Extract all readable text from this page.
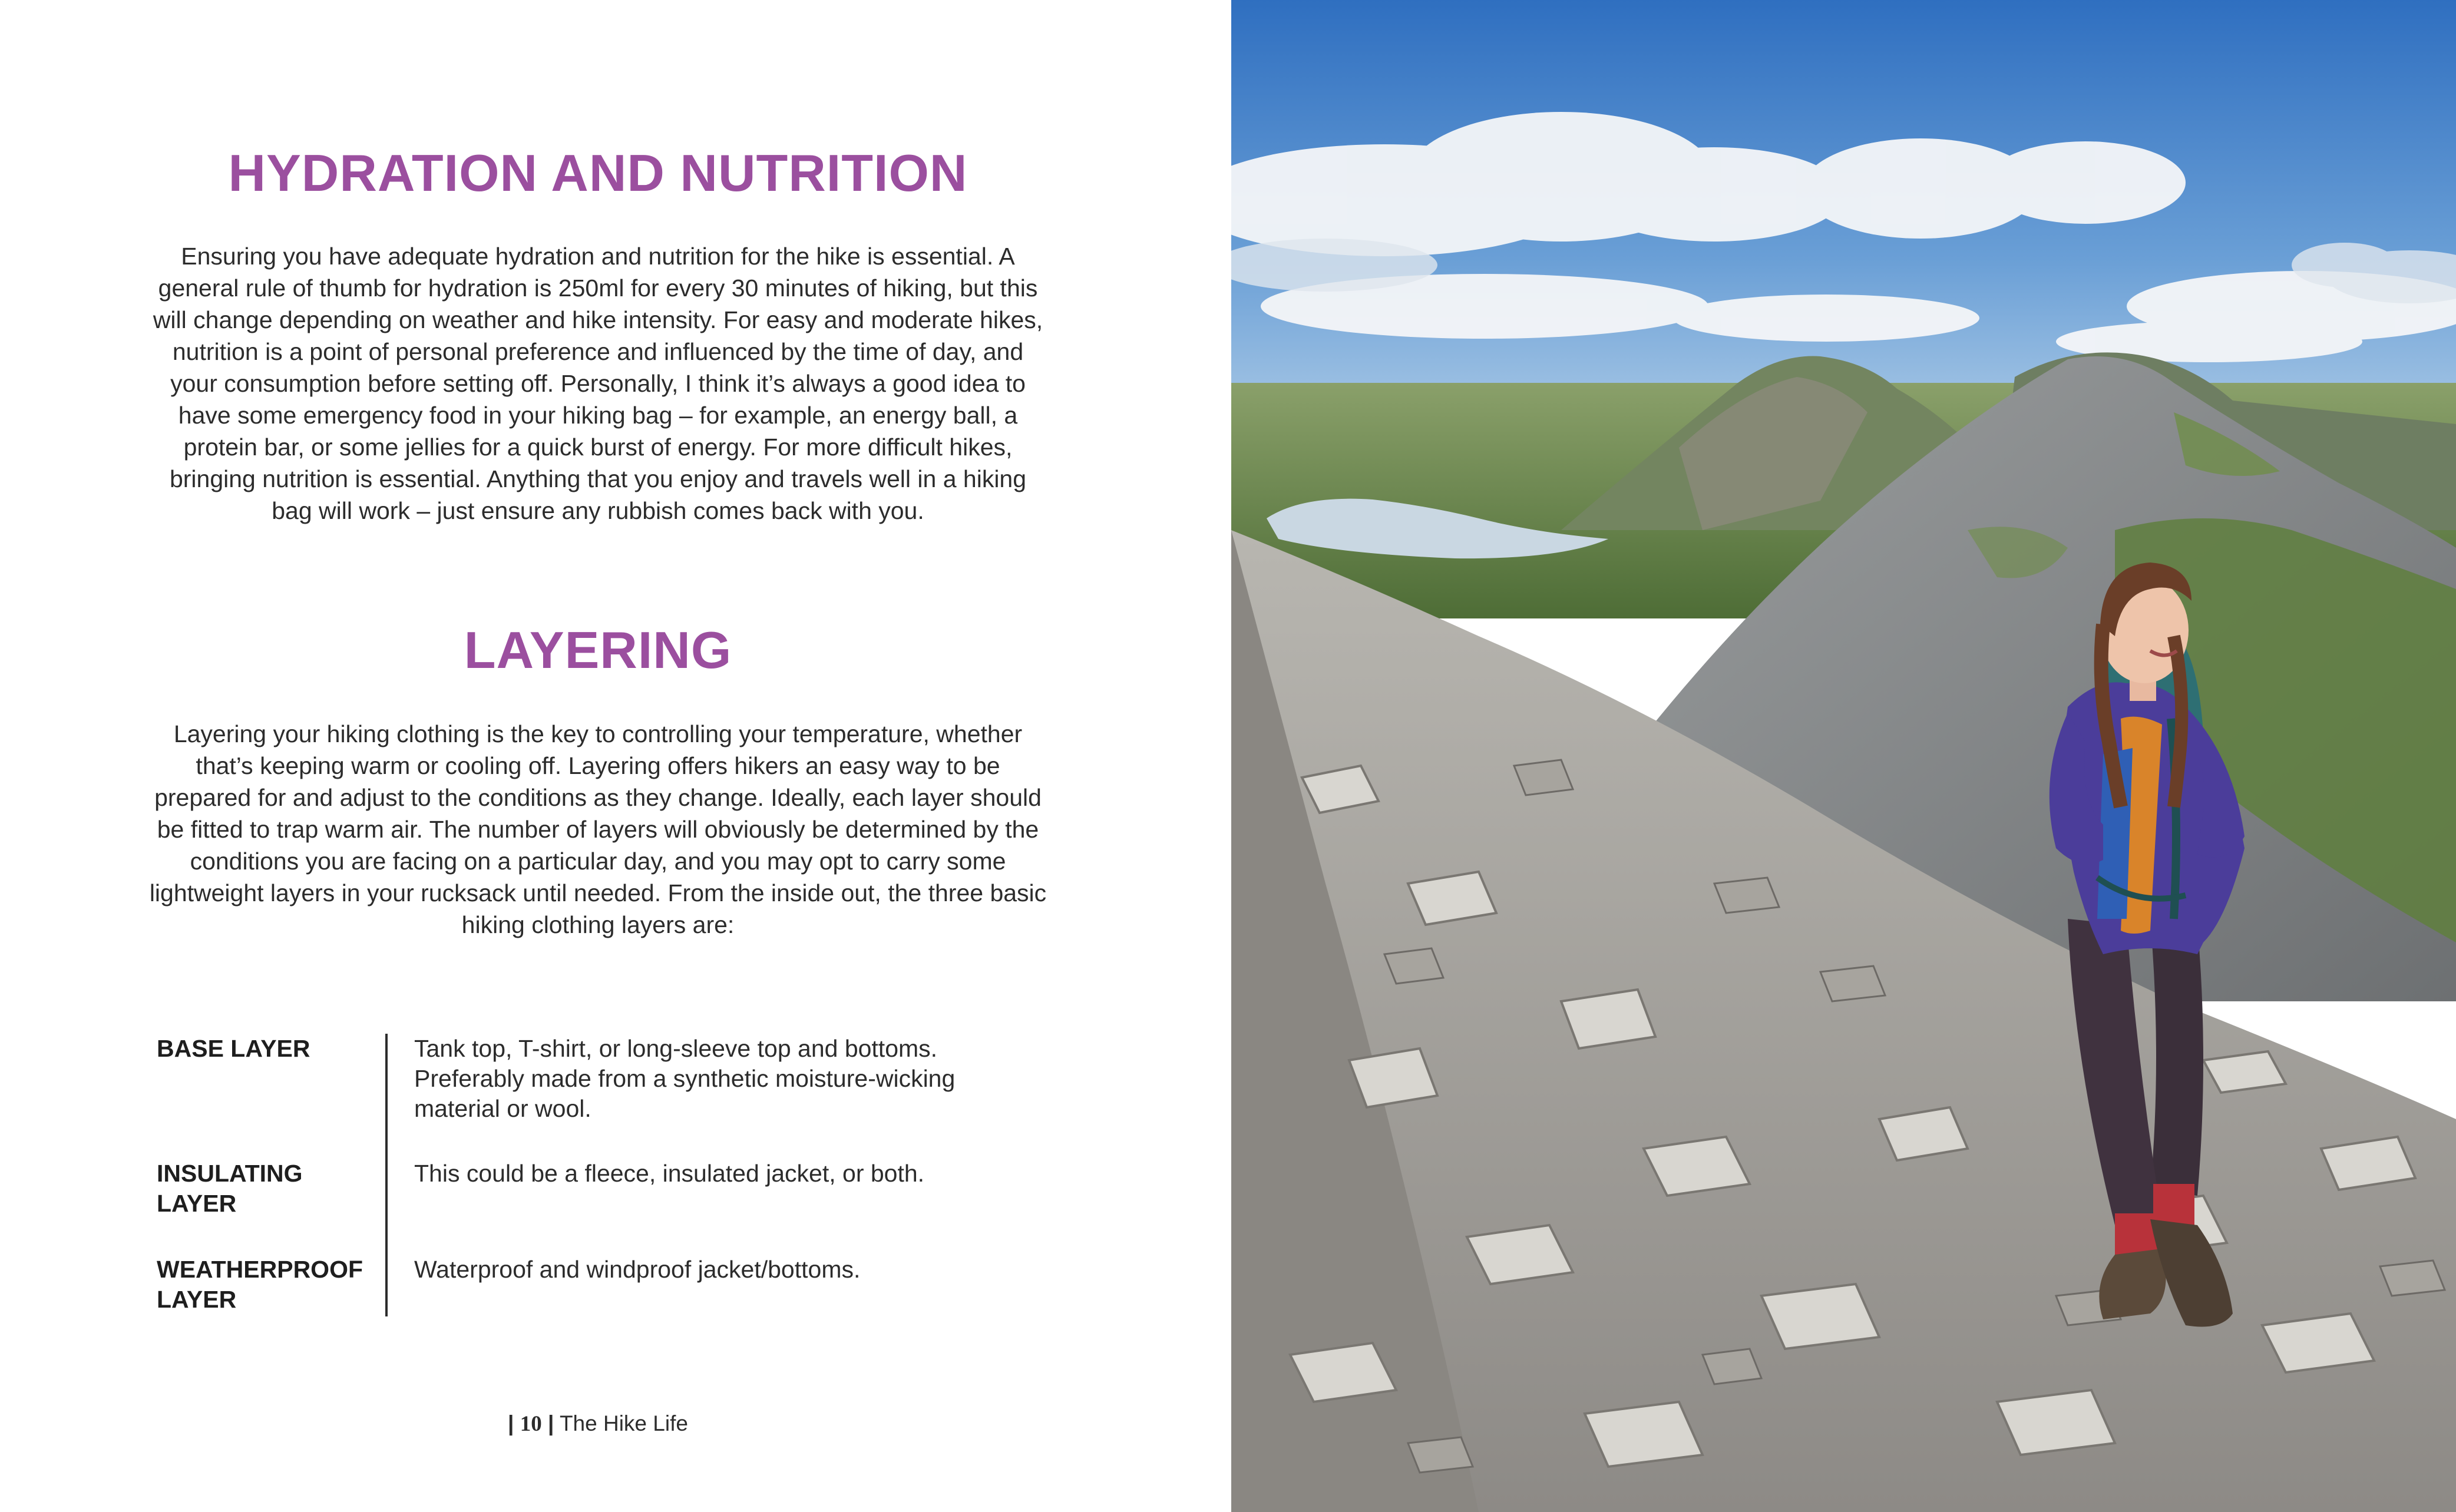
HYDRATION AND NUTRITION

Ensuring you have adequate hydration and nutrition for the hike is essential. A general rule of thumb for hydration is 250ml for every 30 minutes of hiking, but this will change depending on weather and hike intensity. For easy and moderate hikes, nutrition is a point of personal preference and influenced by the time of day, and your consumption before setting off. Personally, I think it’s always a good idea to have some emergency food in your hiking bag – for example, an energy ball, a protein bar, or some jellies for a quick burst of energy. For more difficult hikes, bringing nutrition is essential. Anything that you enjoy and travels well in a hiking bag will work – just ensure any rubbish comes back with you.

LAYERING

Layering your hiking clothing is the key to controlling your temperature, whether that’s keeping warm or cooling off. Layering offers hikers an easy way to be prepared for and adjust to the conditions as they change. Ideally, each layer should be fitted to trap warm air. The number of layers will obviously be determined by the conditions you are facing on a particular day, and you may opt to carry some lightweight layers in your rucksack until needed. From the inside out, the three basic hiking clothing layers are:

BASE LAYER	Tank top, T-shirt, or long-sleeve top and bottoms. Preferably made from a synthetic moisture-wicking material or wool.
INSULATING LAYER
This could be a fleece, insulated jacket, or both.
WEATHERPROOF LAYER
Waterproof and windproof jacket/bottoms.
| 10 | The Hike Life
